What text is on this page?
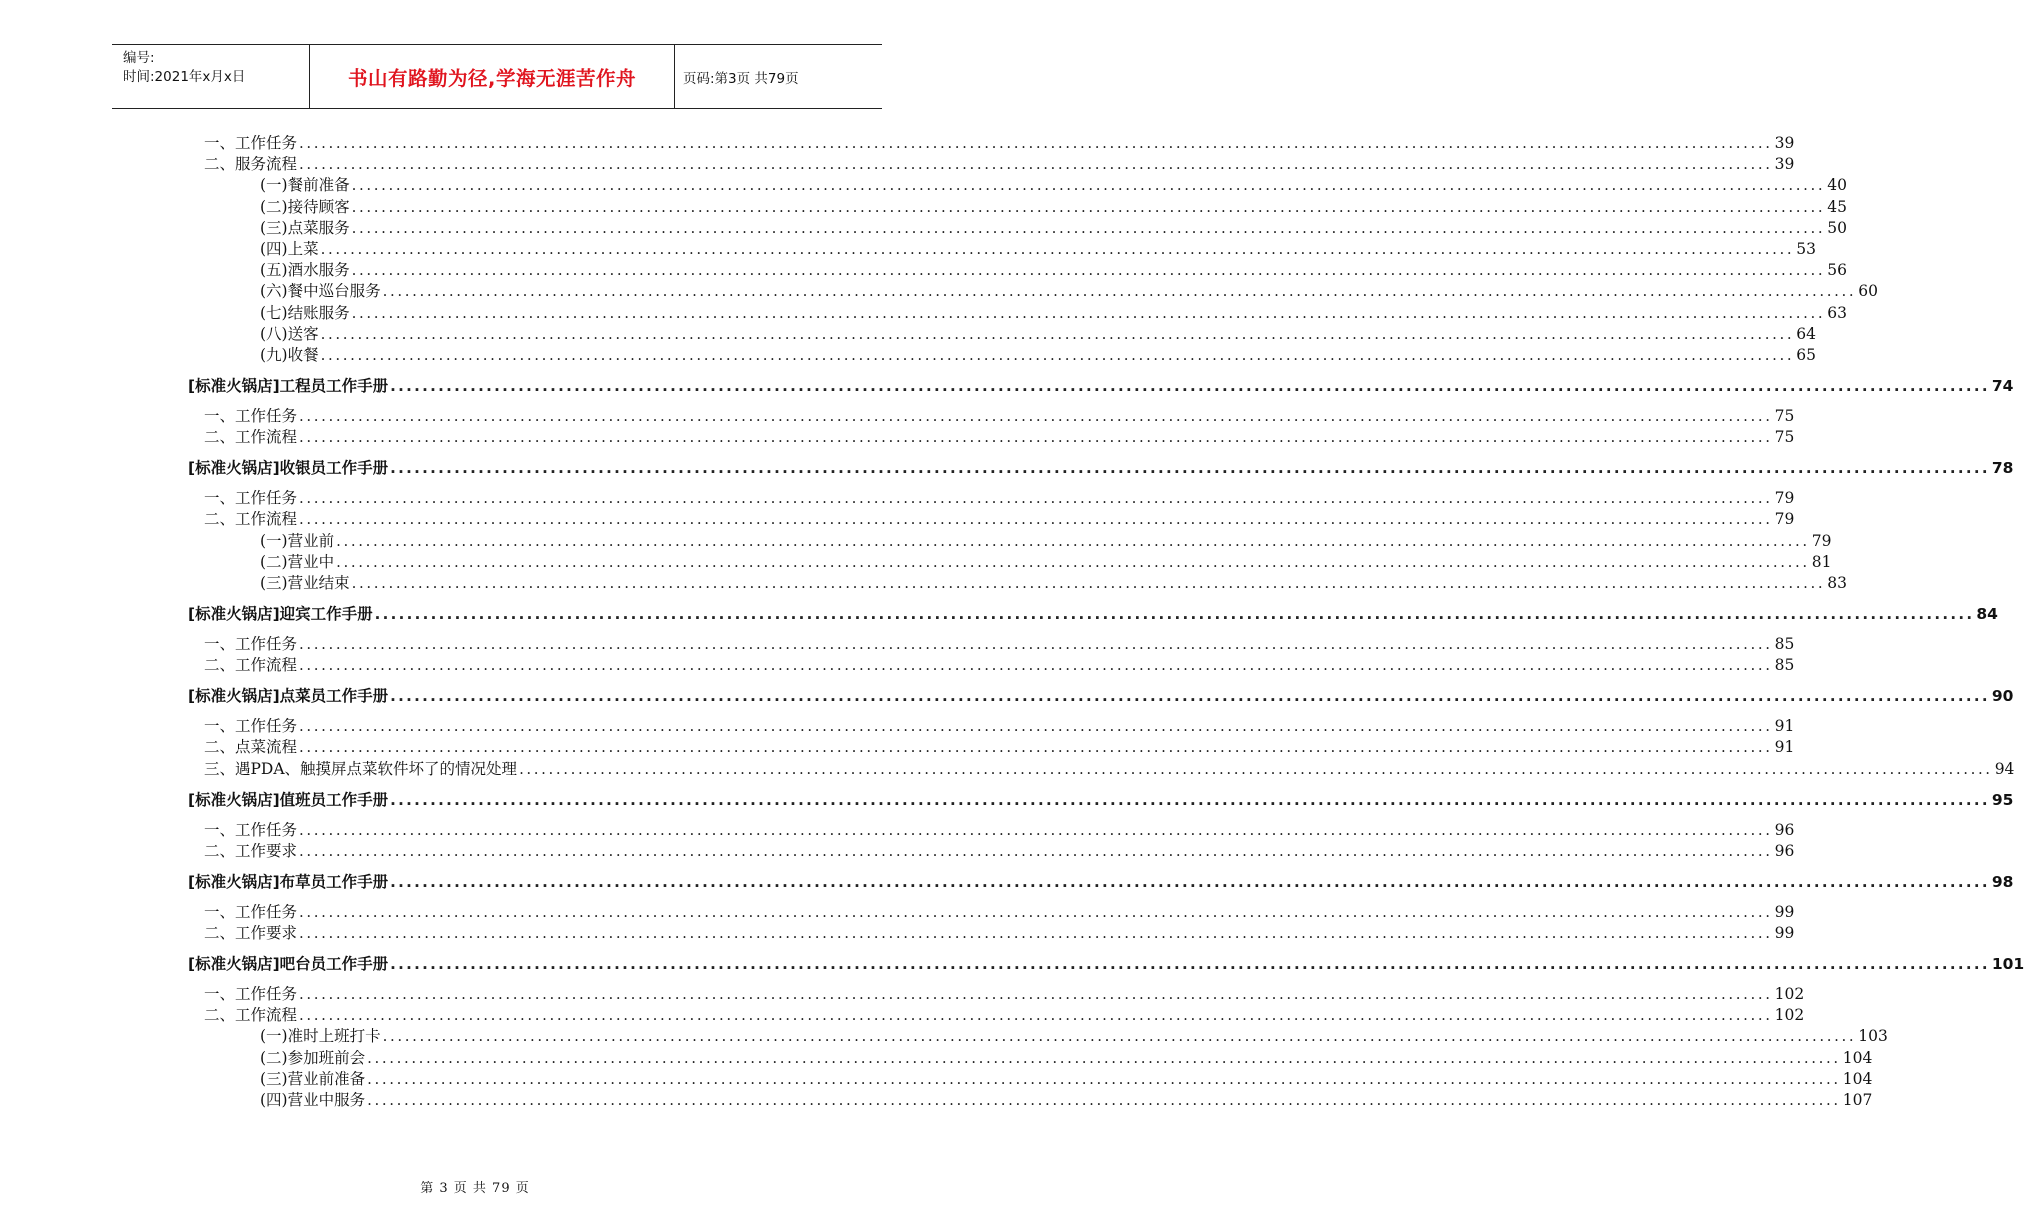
编号:
时间:2021年x月x日	书山有路勤为径,学海无涯苦作舟	页码:第3页 共79页
一、工作任务 ........................................................................................................................................................................................................ 39
二、服务流程 ........................................................................................................................................................................................................ 39
(一)餐前准备 ........................................................................................................................................................................................................ 40
(二)接待顾客 ........................................................................................................................................................................................................ 45
(三)点菜服务 ........................................................................................................................................................................................................ 50
(四)上菜 ........................................................................................................................................................................................................ 53
(五)酒水服务 ........................................................................................................................................................................................................ 56
(六)餐中巡台服务 ........................................................................................................................................................................................................ 60
(七)结账服务 ........................................................................................................................................................................................................ 63
(八)送客 ........................................................................................................................................................................................................ 64
(九)收餐 ........................................................................................................................................................................................................ 65
[标准火锅店]工程员工作手册 ........................................................................................................................................................................................................ 74
一、工作任务 ........................................................................................................................................................................................................ 75
二、工作流程 ........................................................................................................................................................................................................ 75
[标准火锅店]收银员工作手册 ........................................................................................................................................................................................................ 78
一、工作任务 ........................................................................................................................................................................................................ 79
二、工作流程 ........................................................................................................................................................................................................ 79
(一)营业前 ........................................................................................................................................................................................................ 79
(二)营业中 ........................................................................................................................................................................................................ 81
(三)营业结束 ........................................................................................................................................................................................................ 83
[标准火锅店]迎宾工作手册 ........................................................................................................................................................................................................ 84
一、工作任务 ........................................................................................................................................................................................................ 85
二、工作流程 ........................................................................................................................................................................................................ 85
[标准火锅店]点菜员工作手册 ........................................................................................................................................................................................................ 90
一、工作任务 ........................................................................................................................................................................................................ 91
二、点菜流程 ........................................................................................................................................................................................................ 91
三、遇PDA、触摸屏点菜软件坏了的情况处理 ........................................................................................................................................................................................................ 94
[标准火锅店]值班员工作手册 ........................................................................................................................................................................................................ 95
一、工作任务 ........................................................................................................................................................................................................ 96
二、工作要求 ........................................................................................................................................................................................................ 96
[标准火锅店]布草员工作手册 ........................................................................................................................................................................................................ 98
一、工作任务 ........................................................................................................................................................................................................ 99
二、工作要求 ........................................................................................................................................................................................................ 99
[标准火锅店]吧台员工作手册 ........................................................................................................................................................................................................ 101
一、工作任务 ........................................................................................................................................................................................................ 102
二、工作流程 ........................................................................................................................................................................................................ 102
(一)准时上班打卡 ........................................................................................................................................................................................................ 103
(二)参加班前会 ........................................................................................................................................................................................................ 104
(三)营业前准备 ........................................................................................................................................................................................................ 104
(四)营业中服务 ........................................................................................................................................................................................................ 107
第 3 页 共 79 页
